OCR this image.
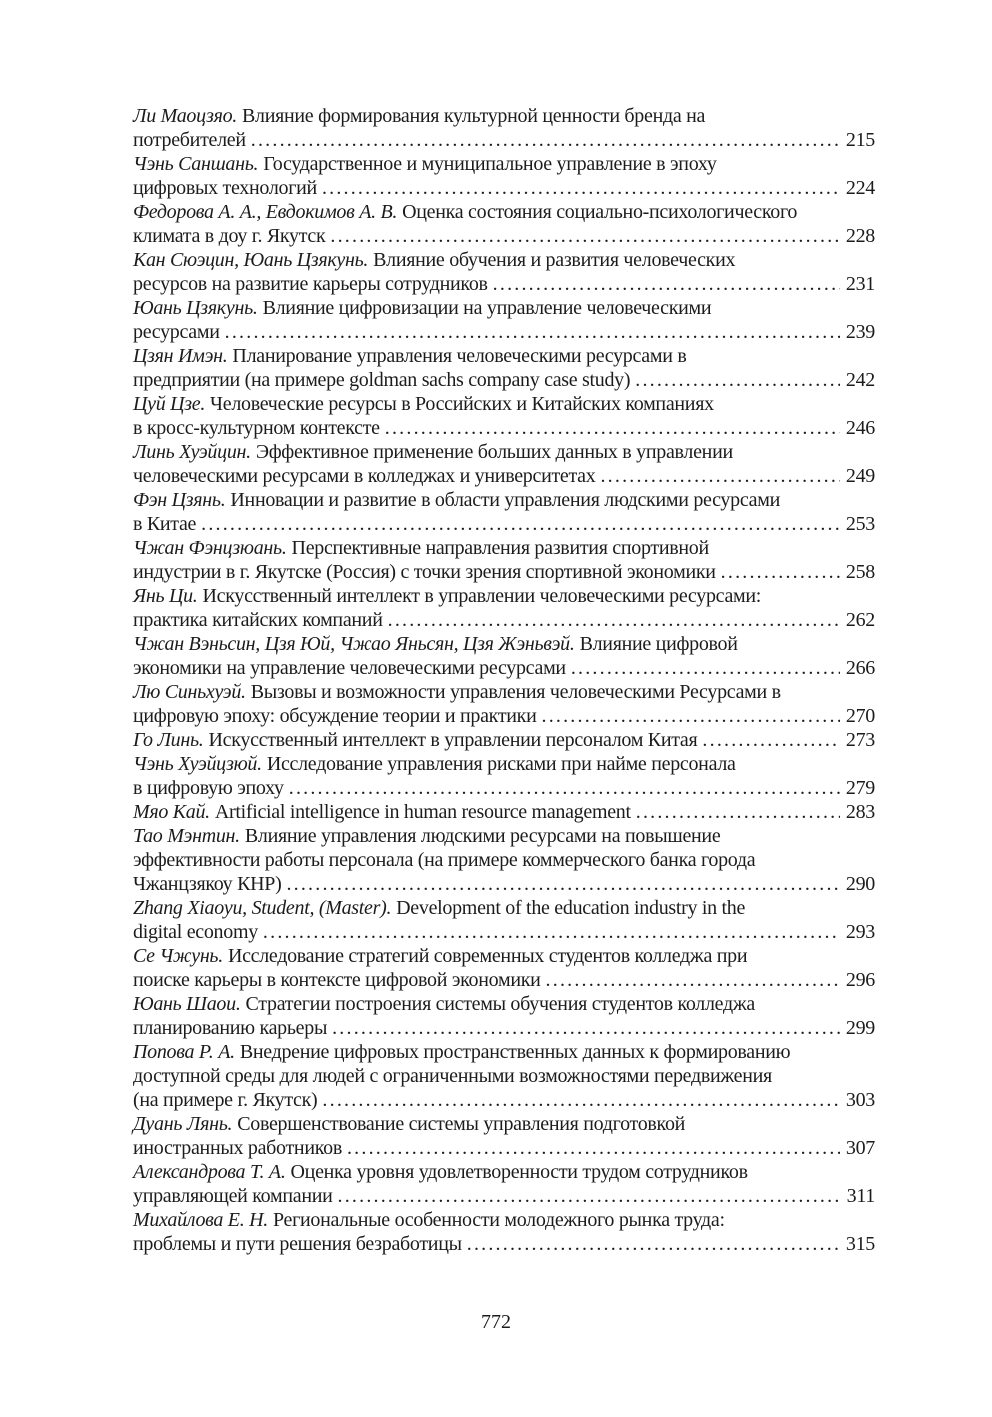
Ли Маоцзяо. Влияние формирования культурной ценности бренда на
потребителей .....	215
Чэнь Саншань. Государственное и муниципальное управление в эпоху
цифровых технологий .....	224
Федорова А. А., Евдокимов А. В. Оценка состояния социально-психологического
климата в доу г. Якутск .....	228
Кан Сюэцин, Юань Цзякунь. Влияние обучения и развития человеческих
ресурсов на развитие карьеры сотрудников .....	231
Юань Цзякунь. Влияние цифровизации на управление человеческими
ресурсами .....	239
Цзян Имэн. Планирование управления человеческими ресурсами в
предприятии (на примере goldman sachs company case study) .....	242
Цуй Цзе. Человеческие ресурсы в Российских и Китайских компаниях
в кросс-культурном контексте .....	246
Линь Хуэйцин. Эффективное применение больших данных в управлении
человеческими ресурсами в колледжах и университетах .....	249
Фэн Цзянь. Инновации и развитие в области управления людскими ресурсами
в Китае .....	253
Чжан Фэнцзюань. Перспективные направления развития спортивной
индустрии в г. Якутске (Россия) с точки зрения спортивной экономики .....	258
Янь Ци. Искусственный интеллект в управлении человеческими ресурсами:
практика китайских компаний .....	262
Чжан Вэньсин, Цзя Юй, Чжао Яньсян, Цзя Жэньвэй. Влияние цифровой
экономики на управление человеческими ресурсами .....	266
Лю Синьхуэй. Вызовы и возможности управления человеческими Ресурсами в
цифровую эпоху: обсуждение теории и практики .....	270
Го Линь. Искусственный интеллект в управлении персоналом Китая .....	273
Чэнь Хуэйцзюй. Исследование управления рисками при найме персонала
в цифровую эпоху .....	279
Мяо Кай. Artificial intelligence in human resource management .....	283
Тао Мэнтин. Влияние управления людскими ресурсами на повышение
эффективности работы персонала (на примере коммерческого банка города
Чжанцзякоу КНР) .....	290
Zhang Xiaoyu, Student, (Master). Development of the education industry in the
digital economy .....	293
Се Чжунь. Исследование стратегий современных студентов колледжа при
поиске карьеры в контексте цифровой экономики .....	296
Юань Шаои. Стратегии построения системы обучения студентов колледжа
планированию карьеры .....	299
Попова Р. А. Внедрение цифровых пространственных данных к формированию
доступной среды для людей с ограниченными возможностями передвижения
(на примере г. Якутск) .....	303
Дуань Лянь. Совершенствование системы управления подготовкой
иностранных работников .....	307
Александрова Т. А. Оценка уровня удовлетворенности трудом сотрудников
управляющей компании .....	311
Михайлова Е. Н. Региональные особенности молодежного рынка труда:
проблемы и пути решения безработицы .....	315
772
